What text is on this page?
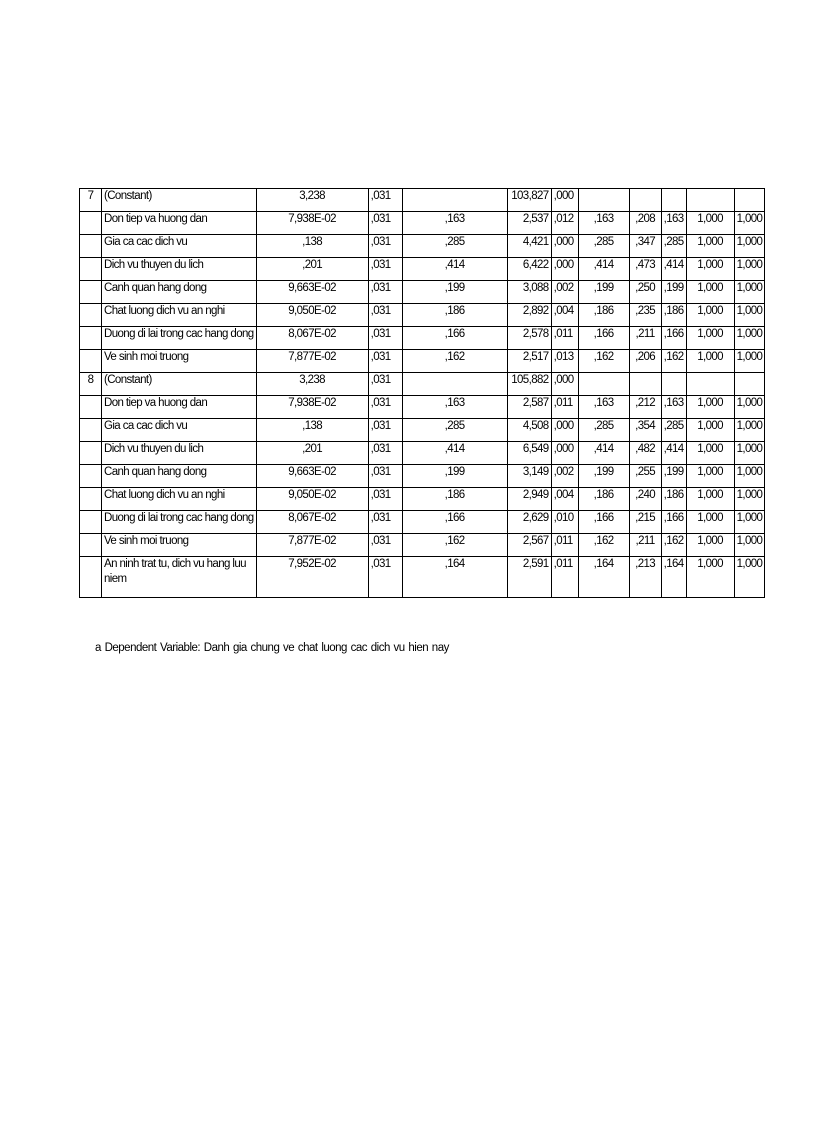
7	(Constant)	3,238	,031		103,827	,000					
	Don tiep va huong dan	7,938E-02	,031	,163	2,537	,012	,163	,208	,163	1,000	1,000
	Gia ca cac dich vu	,138	,031	,285	4,421	,000	,285	,347	,285	1,000	1,000
	Dich vu thuyen du lich	,201	,031	,414	6,422	,000	,414	,473	,414	1,000	1,000
	Canh quan hang dong	9,663E-02	,031	,199	3,088	,002	,199	,250	,199	1,000	1,000
	Chat luong dich vu an nghi	9,050E-02	,031	,186	2,892	,004	,186	,235	,186	1,000	1,000
	Duong di lai trong cac hang dong	8,067E-02	,031	,166	2,578	,011	,166	,211	,166	1,000	1,000
	Ve sinh moi truong	7,877E-02	,031	,162	2,517	,013	,162	,206	,162	1,000	1,000
8	(Constant)	3,238	,031		105,882	,000					
	Don tiep va huong dan	7,938E-02	,031	,163	2,587	,011	,163	,212	,163	1,000	1,000
	Gia ca cac dich vu	,138	,031	,285	4,508	,000	,285	,354	,285	1,000	1,000
	Dich vu thuyen du lich	,201	,031	,414	6,549	,000	,414	,482	,414	1,000	1,000
	Canh quan hang dong	9,663E-02	,031	,199	3,149	,002	,199	,255	,199	1,000	1,000
	Chat luong dich vu an nghi	9,050E-02	,031	,186	2,949	,004	,186	,240	,186	1,000	1,000
	Duong di lai trong cac hang dong	8,067E-02	,031	,166	2,629	,010	,166	,215	,166	1,000	1,000
	Ve sinh moi truong	7,877E-02	,031	,162	2,567	,011	,162	,211	,162	1,000	1,000
	An ninh trat tu, dich vu hang luu niem	7,952E-02	,031	,164	2,591	,011	,164	,213	,164	1,000	1,000
a Dependent Variable: Danh gia chung ve chat luong cac dich vu hien nay
